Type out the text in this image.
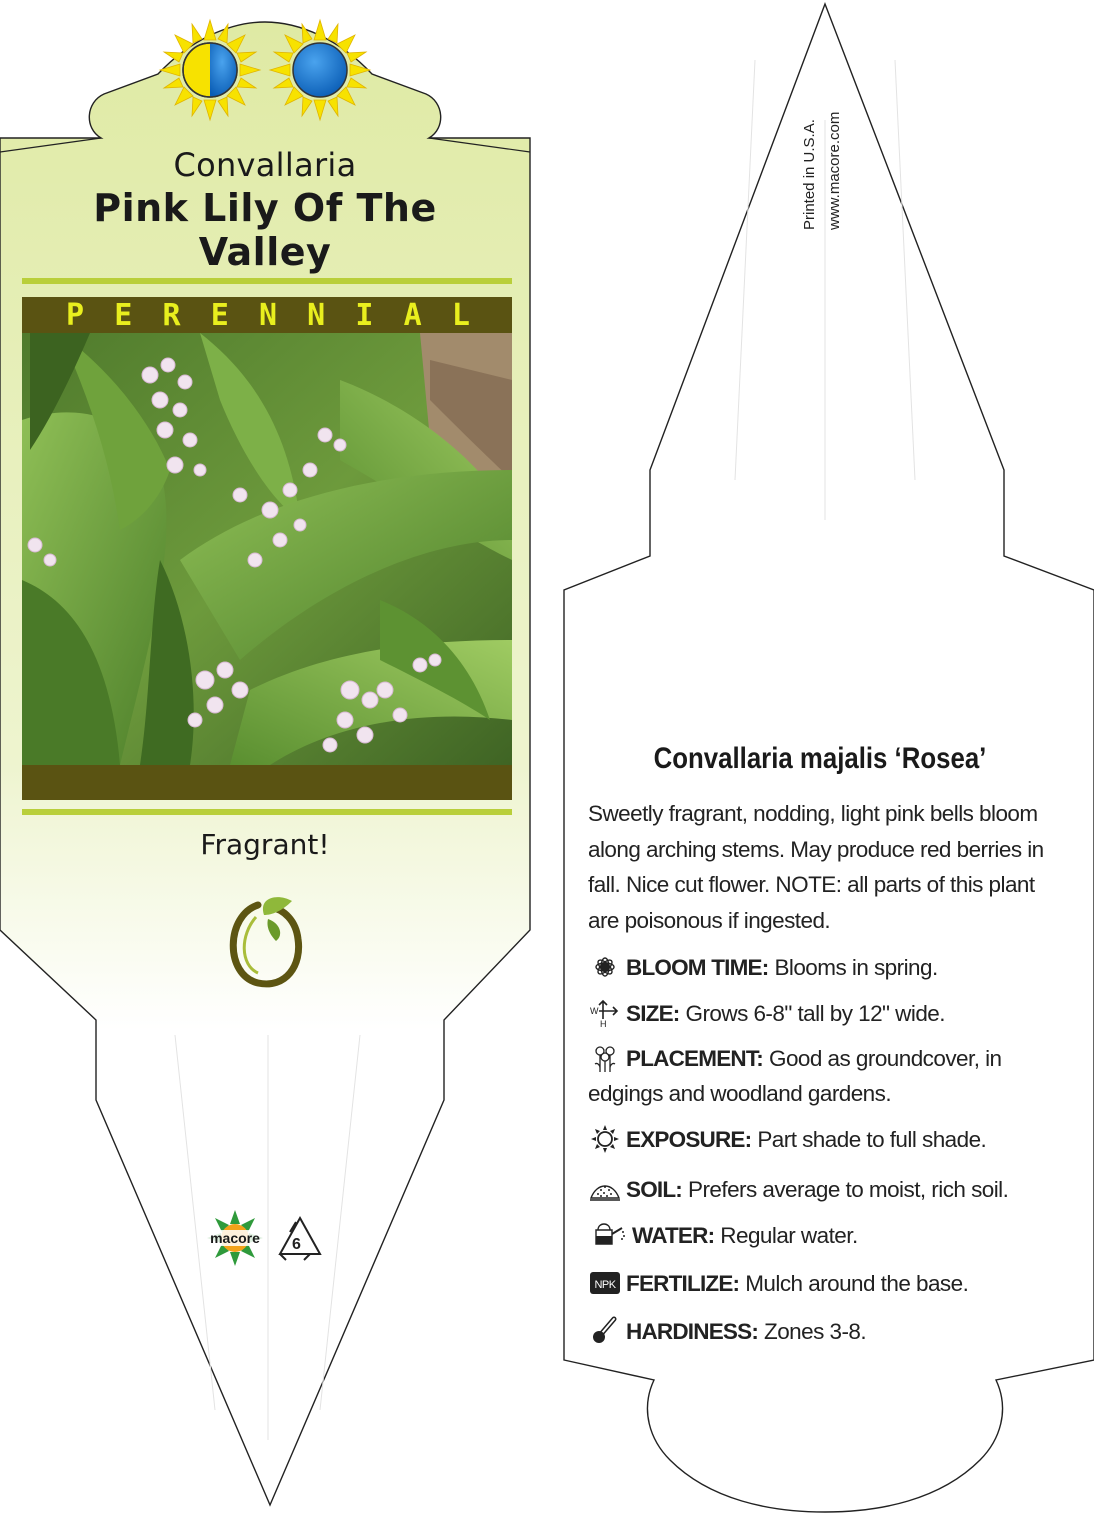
Convallaria

Pink Lily Of The
Valley

P E R E N N I A L

Fragrant!

macore	6

Printed in U.S.A. www.macore.com

Convallaria majalis ‘Rosea’

Sweetly fragrant, nodding, light pink bells bloom along arching stems. May produce red berries in fall. Nice cut flower. NOTE: all parts of this plant are poisonous if ingested.

BLOOM TIME: Blooms in spring.
W
H SIZE: Grows 6-8" tall by 12" wide.
PLACEMENT: Good as groundcover, in edgings and woodland gardens.
EXPOSURE: Part shade to full shade.
SOIL: Prefers average to moist, rich soil.
WATER: Regular water.
NPK FERTILIZE: Mulch around the base.
HARDINESS: Zones 3-8.
